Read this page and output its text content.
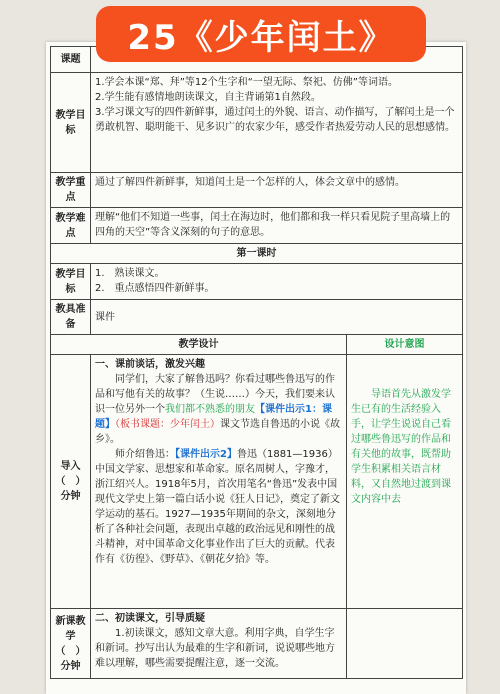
25《少年闰土》
课题		
教学目标	1.学会本课“郑、拜”等12个生字和“一望无际、祭祀、仿佛”等词语。

2.学生能有感情地朗读课文，自主背诵第1自然段。

3.学习课文写的四件新鲜事，通过闰土的外貌、语言、动作描写，了解闰土是一个勇敢机智、聪明能干、见多识广的农家少年，感受作者热爱劳动人民的思想感情。	

教学重点	通过了解四件新鲜事，知道闰土是一个怎样的人，体会文章中的感情。	
教学难点	理解“他们不知道一些事，闰土在海边时，他们都和我一样只看见院子里高墙上的四角的天空”等含义深刻的句子的意思。	
第一课时		
教学目标	1.　熟读课文。

2.　重点感悟四件新鲜事。	

教具准备	课件	
教学设计		设计意图
导入（　）分钟	一、课前谈话，激发兴趣

同学们，大家了解鲁迅吗？你看过哪些鲁迅写的作品和写他有关的故事？（生说……）今天，我们要来认识一位另外一个我们都不熟悉的朋友【课件出示1：课题】（板书课题：少年闰土）课文节选自鲁迅的小说《故乡》。

师介绍鲁迅：【课件出示2】鲁迅（1881—1936）中国文学家、思想家和革命家。原名周树人，字豫才，浙江绍兴人。1918年5月，首次用笔名“鲁迅”发表中国现代文学史上第一篇白话小说《狂人日记》，奠定了新文学运动的基石。1927—1935年期间的杂文，深刻地分析了各种社会问题，表现出卓越的政治远见和刚性的战斗精神，对中国革命文化事业作出了巨大的贡献。代表作有《彷徨》、《野草》、《朝花夕拾》等。	导语首先从激发学生已有的生活经验入手，让学生说说自己看过哪些鲁迅写的作品和有关他的故事，既帮助学生积累相关语言材料，又自然地过渡到课文内容中去

新课教学（　）分钟	二、初读课文，引导质疑

1.初读课文，感知文章大意。利用字典，自学生字和新词。抄写出认为最难的生字和新词，说说哪些地方难以理解，哪些需要提醒注意，逐一交流。	
